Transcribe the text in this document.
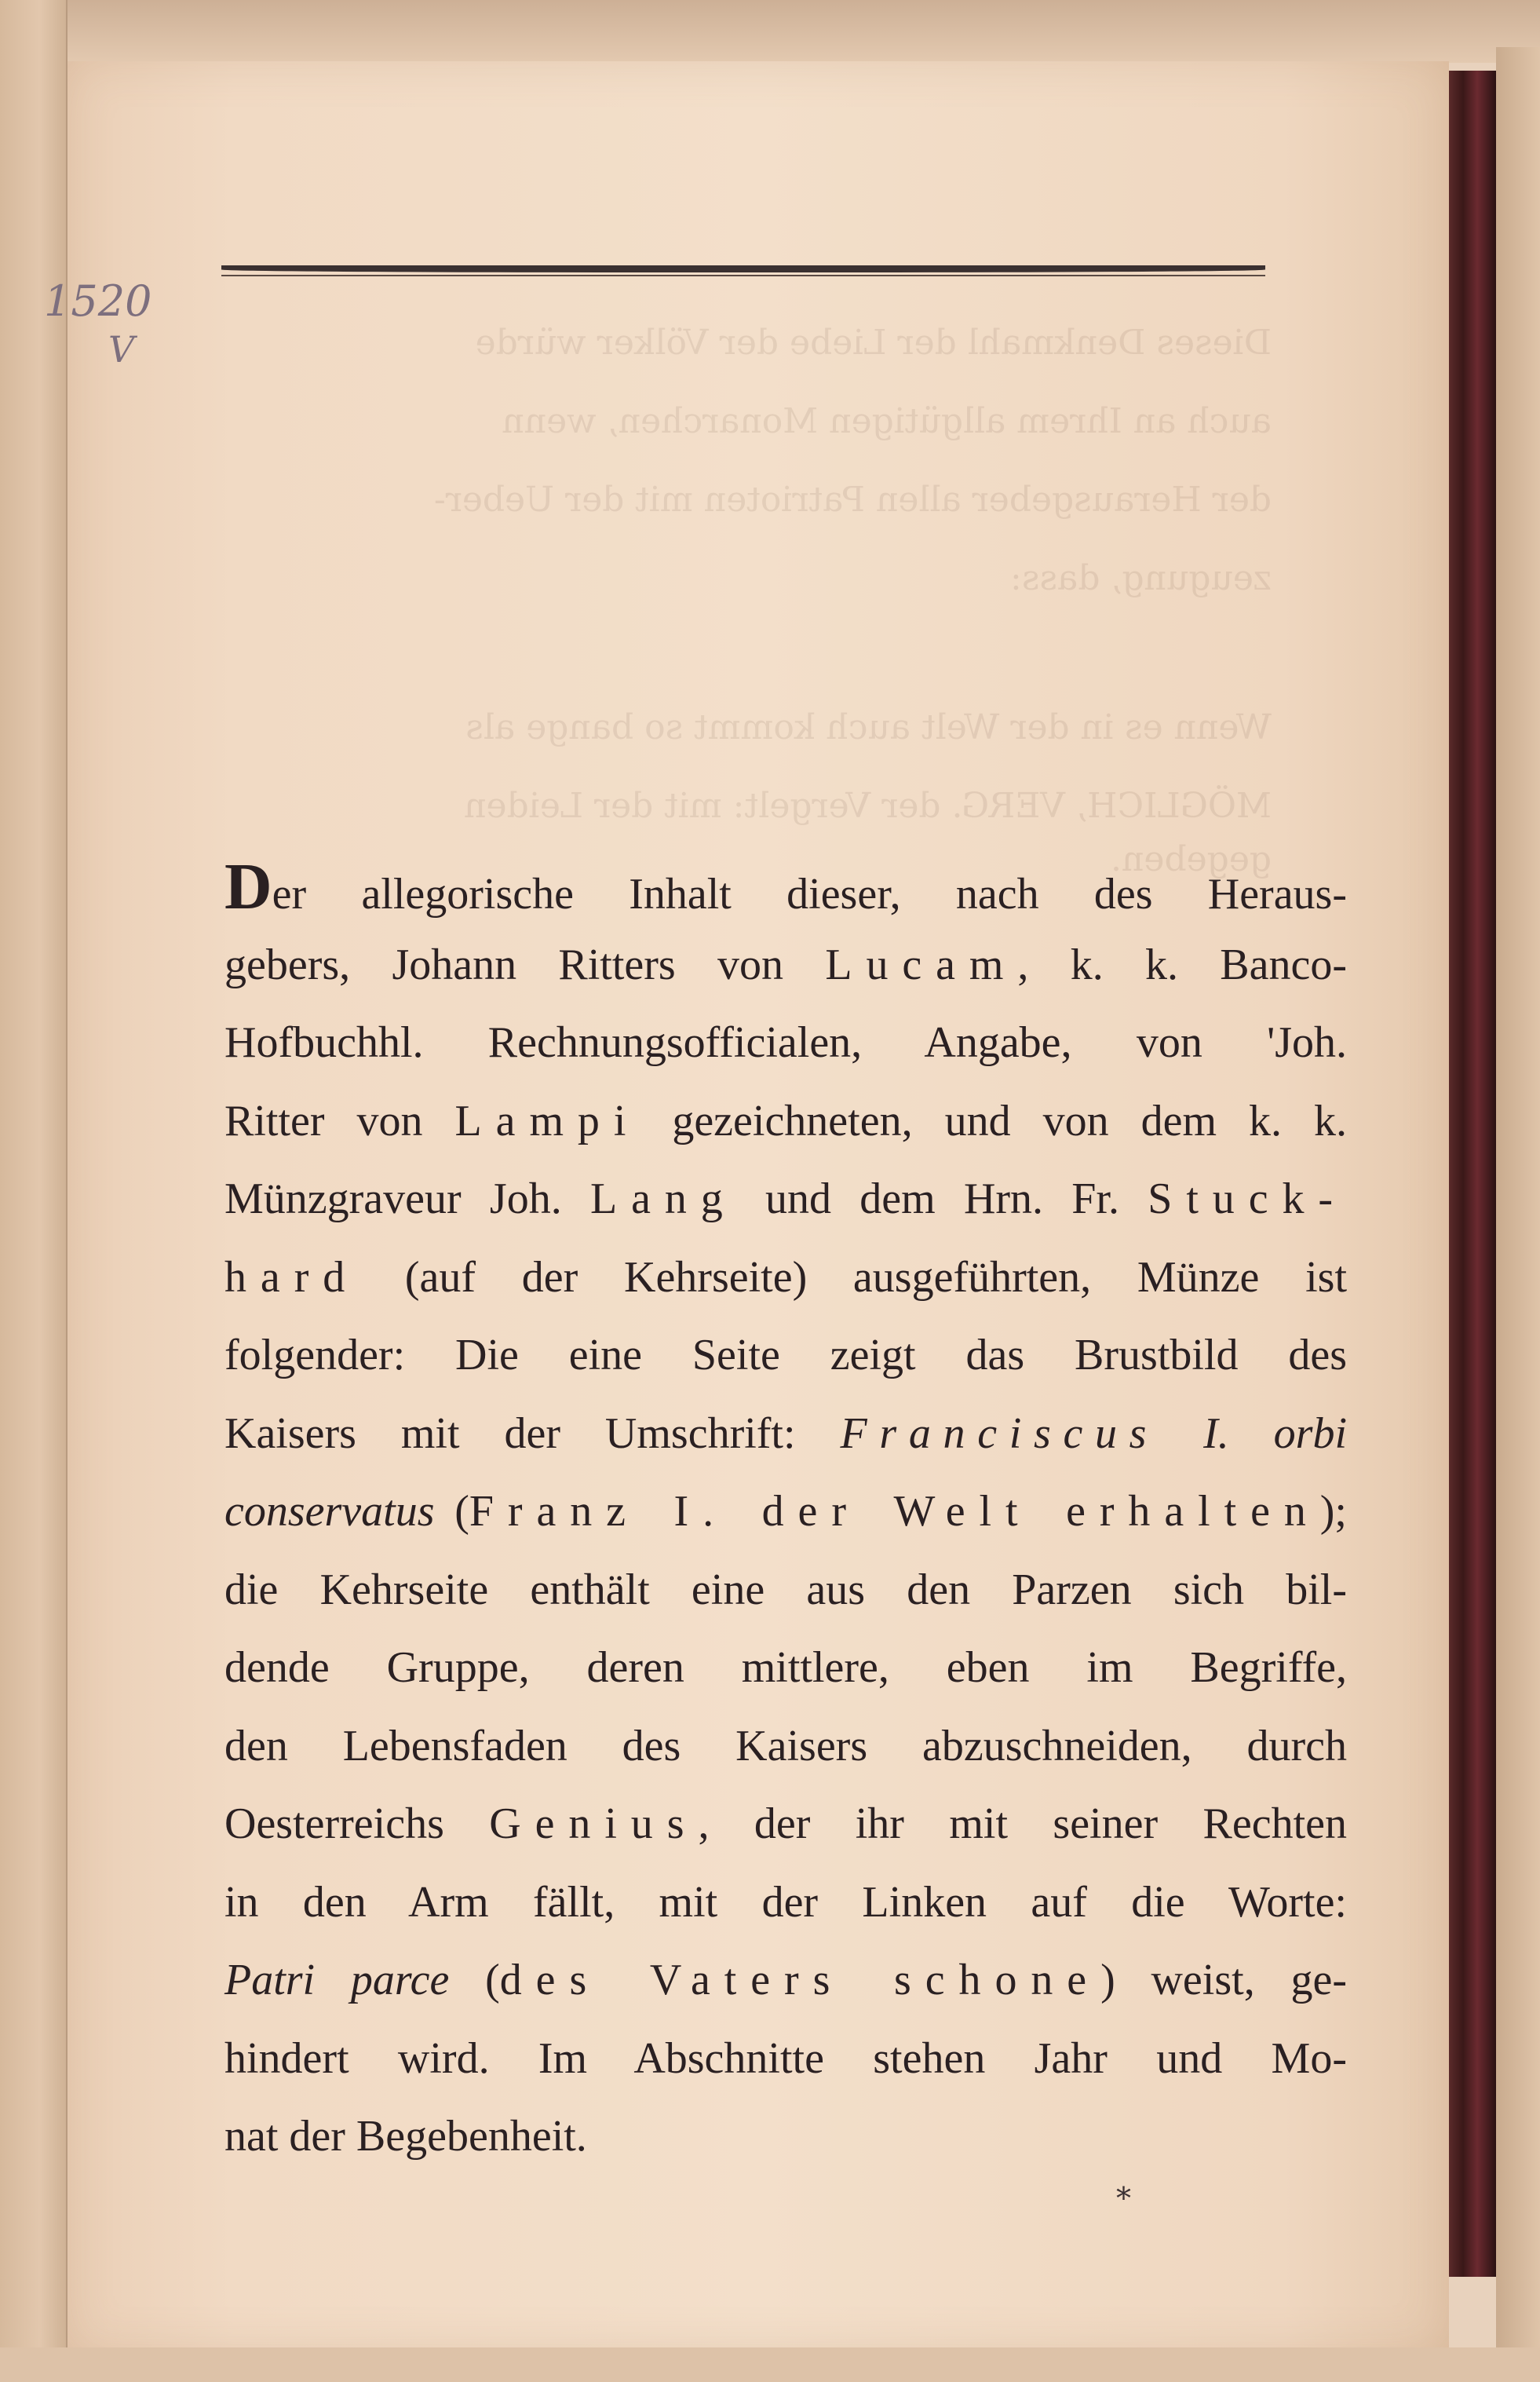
1520
V	Dieses Denkmahl der Liebe der Völker würde
auch an Ihrem allgütigen Monarchen, wenn
der Herausgeber allen Patrioten mit der Ueber-
zeugung, dass:
Wenn es in der Welt auch kommt so bange als
MÖGLICH, VERG. der Vergelt: mit der Leiden
gegeben.
Der allegorische Inhalt dieser, nach des Heraus-
gebers, Johann Ritters von Lucam, k. k. Banco-
Hofbuchhl. Rechnungsofficialen, Angabe, von 'Joh.
Ritter von Lampi gezeichneten, und von dem k. k.
Münzgraveur Joh. Lang und dem Hrn. Fr. Stuck-
hard (auf der Kehrseite) ausgeführten, Münze ist
folgender: Die eine Seite zeigt das Brustbild des
Kaisers mit der Umschrift: Franciscus I. orbi
conservatus (Franz I. der Welt erhalten);
die Kehrseite enthält eine aus den Parzen sich bil-
dende Gruppe, deren mittlere, eben im Begriffe,
den Lebensfaden des Kaisers abzuschneiden, durch
Oesterreichs Genius, der ihr mit seiner Rechten
in den Arm fällt, mit der Linken auf die Worte:
Patri parce (des Vaters schone) weist, ge-
hindert wird. Im Abschnitte stehen Jahr und Mo-
nat der Begebenheit.
*
